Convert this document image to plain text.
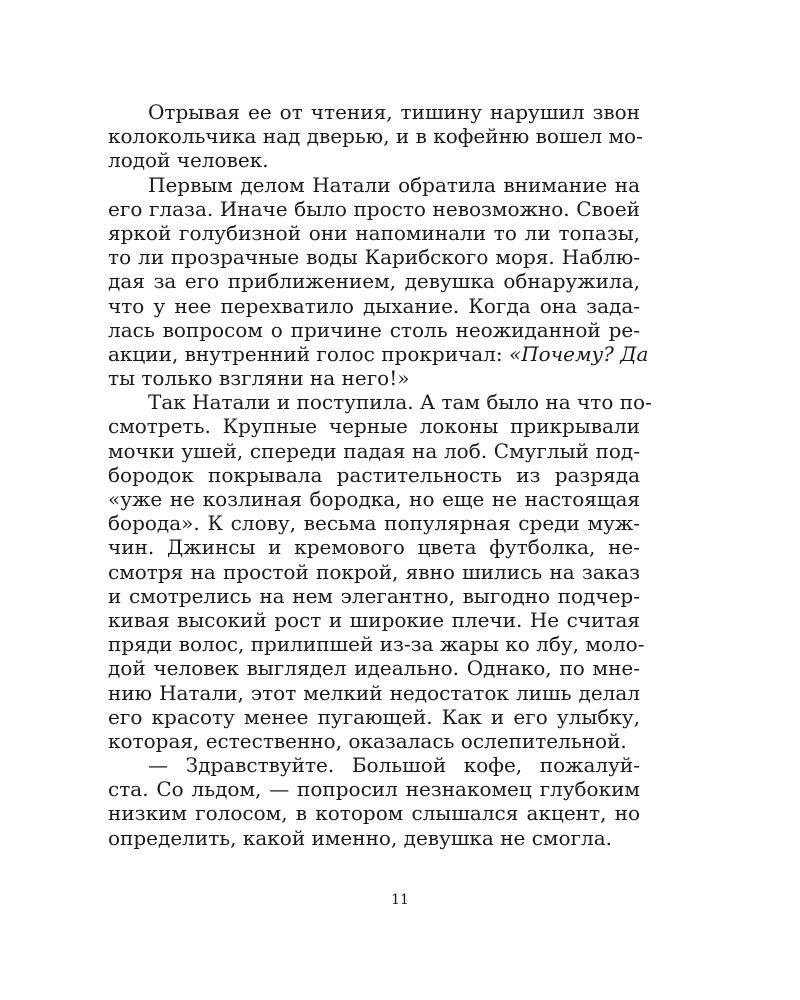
Отрывая ее от чтения, тишину нарушил звон
колокольчика над дверью, и в кофейню вошел мо-
лодой человек.
Первым делом Натали обратила внимание на
его глаза. Иначе было просто невозможно. Своей
яркой голубизной они напоминали то ли топазы,
то ли прозрачные воды Карибского моря. Наблю-
дая за его приближением, девушка обнаружила,
что у нее перехватило дыхание. Когда она зада-
лась вопросом о причине столь неожиданной ре-
акции, внутренний голос прокричал: «Почему? Да
ты только взгляни на него!»
Так Натали и поступила. А там было на что по-
смотреть. Крупные черные локоны прикрывали
мочки ушей, спереди падая на лоб. Смуглый под-
бородок покрывала растительность из разряда
«уже не козлиная бородка, но еще не настоящая
борода». К слову, весьма популярная среди муж-
чин. Джинсы и кремового цвета футболка, не-
смотря на простой покрой, явно шились на заказ
и смотрелись на нем элегантно, выгодно подчер-
кивая высокий рост и широкие плечи. Не считая
пряди волос, прилипшей из-за жары ко лбу, моло-
дой человек выглядел идеально. Однако, по мне-
нию Натали, этот мелкий недостаток лишь делал
его красоту менее пугающей. Как и его улыбку,
которая, естественно, оказалась ослепительной.
— Здравствуйте. Большой кофе, пожалуй-
ста. Со льдом, — попросил незнакомец глубоким
низким голосом, в котором слышался акцент, но
определить, какой именно, девушка не смогла.
11
